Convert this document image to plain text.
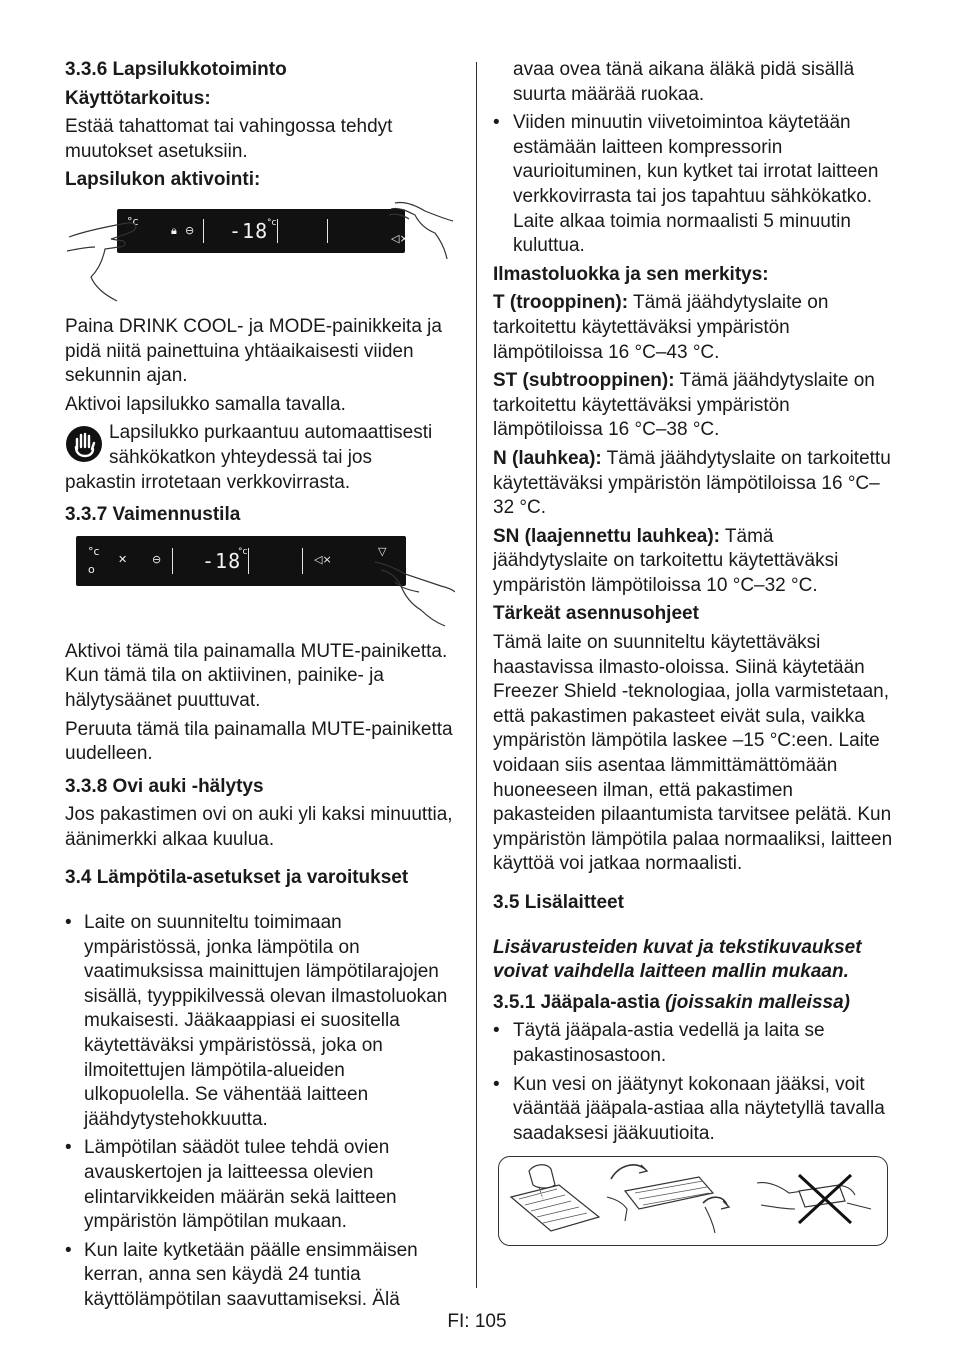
3.3.6 Lapsilukkotoiminto

Käyttötarkoitus:

Estää tahattomat tai vahingossa tehdyt muutokset asetuksiin.

Lapsilukon aktivointi:

°c
🔒︎ ⊖ -18
°c
◁×

Paina DRINK COOL- ja MODE-painikkeita ja pidä niitä painettuina yhtäaikaisesti viiden sekunnin ajan.

Aktivoi lapsilukko samalla tavalla.

Lapsilukko purkaantuu automaattisesti

sähkökatkon yhteydessä tai jos

pakastin irrotetaan verkkovirrasta.

3.3.7 Vaimennustila

°c
o
✕ ⊖ -18
°c
◁×
▽

Aktivoi tämä tila painamalla MUTE-painiketta. Kun tämä tila on aktiivinen, painike- ja hälytysäänet puuttuvat.

Peruuta tämä tila painamalla MUTE-painiketta uudelleen.

3.3.8 Ovi auki -hälytys

Jos pakastimen ovi on auki yli kaksi minuuttia, äänimerkki alkaa kuulua.

3.4 Lämpötila-asetukset ja varoitukset

• Laite on suunniteltu toimimaan ympäristössä, jonka lämpötila on vaatimuksissa mainittujen lämpötilarajojen sisällä, tyyppikilvessä olevan ilmastoluokan mukaisesti. Jääkaappiasi ei suositella käytettäväksi ympäristössä, joka on ilmoitettujen lämpötila-alueiden ulkopuolella. Se vähentää laitteen jäähdytystehokkuutta.
• Lämpötilan säädöt tulee tehdä ovien avauskertojen ja laitteessa olevien elintarvikkeiden määrän sekä laitteen ympäristön lämpötilan mukaan.
• Kun laite kytketään päälle ensimmäisen kerran, anna sen käydä 24 tuntia käyttölämpötilan saavuttamiseksi. Älä

avaa ovea tänä aikana äläkä pidä sisällä suurta määrää ruokaa.

• Viiden minuutin viivetoimintoa käytetään estämään laitteen kompressorin vaurioituminen, kun kytket tai irrotat laitteen verkkovirrasta tai jos tapahtuu sähkökatko. Laite alkaa toimia normaalisti 5 minuutin kuluttua.

Ilmastoluokka ja sen merkitys:

T (trooppinen): Tämä jäähdytyslaite on tarkoitettu käytettäväksi ympäristön lämpötiloissa 16 °C–43 °C.

ST (subtrooppinen): Tämä jäähdytyslaite on tarkoitettu käytettäväksi ympäristön lämpötiloissa 16 °C–38 °C.

N (lauhkea): Tämä jäähdytyslaite on tarkoitettu käytettäväksi ympäristön lämpötiloissa 16 °C–32 °C.

SN (laajennettu lauhkea): Tämä jäähdytyslaite on tarkoitettu käytettäväksi ympäristön lämpötiloissa 10 °C–32 °C.

Tärkeät asennusohjeet

Tämä laite on suunniteltu käytettäväksi haastavissa ilmasto-oloissa. Siinä käytetään Freezer Shield -teknologiaa, jolla varmistetaan, että pakastimen pakasteet eivät sula, vaikka ympäristön lämpötila laskee –15 °C:een. Laite voidaan siis asentaa lämmittämättömään huoneeseen ilman, että pakastimen pakasteiden pilaantumista tarvitsee pelätä. Kun ympäristön lämpötila palaa normaaliksi, laitteen käyttöä voi jatkaa normaalisti.

3.5 Lisälaitteet

Lisävarusteiden kuvat ja tekstikuvaukset voivat vaihdella laitteen mallin mukaan.

3.5.1 Jääpala-astia (joissakin malleissa)

• Täytä jääpala-astia vedellä ja laita se pakastinosastoon.
• Kun vesi on jäätynyt kokonaan jääksi, voit vääntää jääpala-astiaa alla näytetyllä tavalla saadaksesi jääkuutioita.
FI: 105
